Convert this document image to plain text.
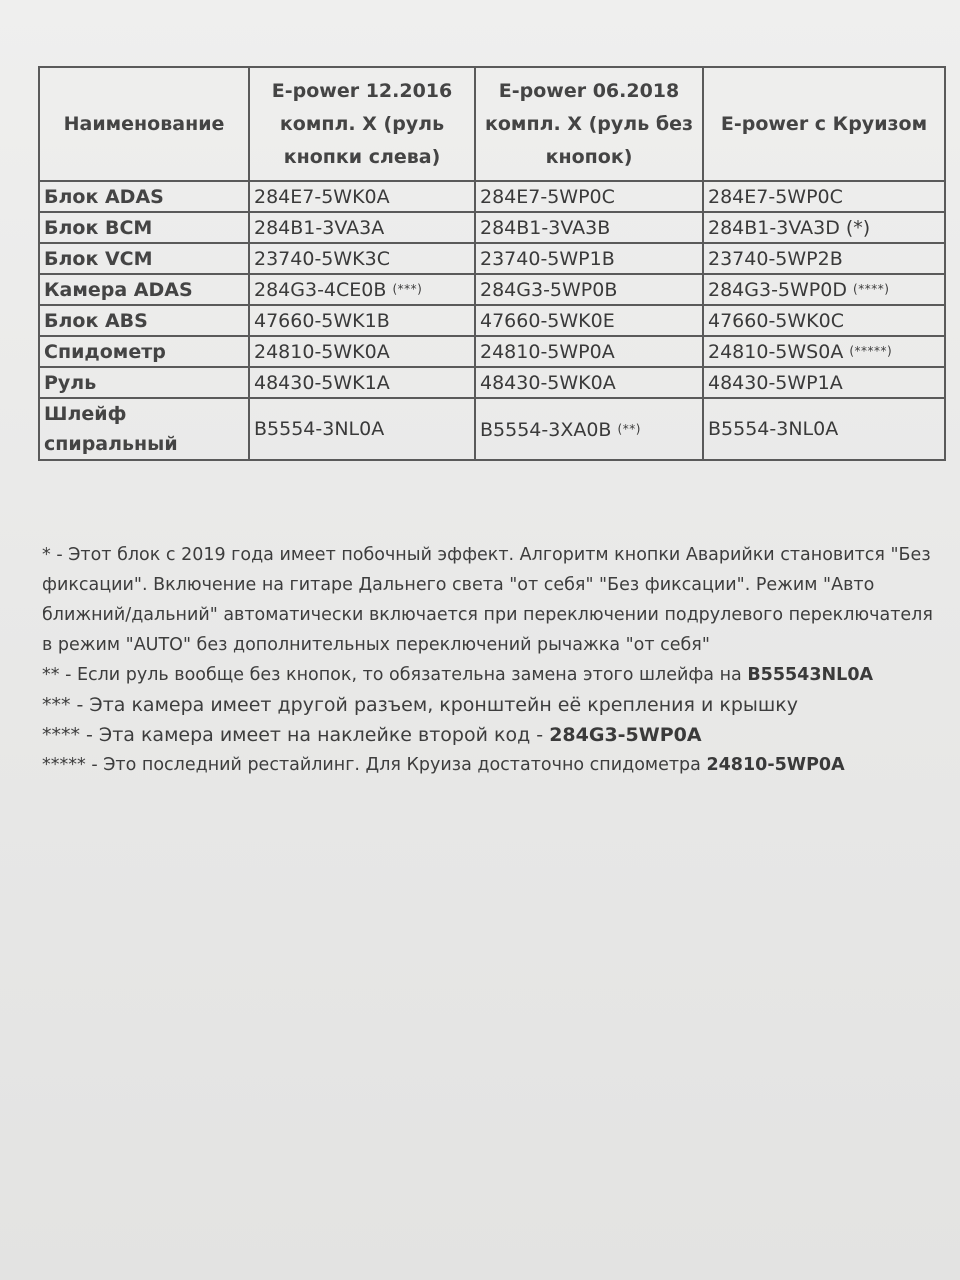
Наименование	E-power 12.2016 компл. X (руль кнопки слева)	E-power 06.2018 компл. X (руль без кнопок)	E-power с Круизом
Блок ADAS	284E7-5WK0A	284E7-5WP0C	284E7-5WP0C
Блок BCM	284B1-3VA3A	284B1-3VA3B	284B1-3VA3D (*)
Блок VCM	23740-5WK3C	23740-5WP1B	23740-5WP2B
Камера ADAS	284G3-4CE0B (***)	284G3-5WP0B	284G3-5WP0D (****)
Блок ABS	47660-5WK1B	47660-5WK0E	47660-5WK0C
Спидометр	24810-5WK0A	24810-5WP0A	24810-5WS0A (*****)
Руль	48430-5WK1A	48430-5WK0A	48430-5WP1A
Шлейф спиральный	B5554-3NL0A	B5554-3XA0B (**)	B5554-3NL0A

* - Этот блок с 2019 года имеет побочный эффект. Алгоритм кнопки Аварийки становится "Без фиксации". Включение на гитаре Дальнего света "от себя" "Без фиксации". Режим "Авто ближний/дальний" автоматически включается при переключении подрулевого переключателя в режим "AUTO" без дополнительных переключений рычажка "от себя"

** - Если руль вообще без кнопок, то обязательна замена этого шлейфа на B55543NL0A

*** - Эта камера имеет другой разъем, кронштейн её крепления и крышку

**** - Эта камера имеет на наклейке второй код - 284G3-5WP0A

***** - Это последний рестайлинг. Для Круиза достаточно спидометра 24810-5WP0A
